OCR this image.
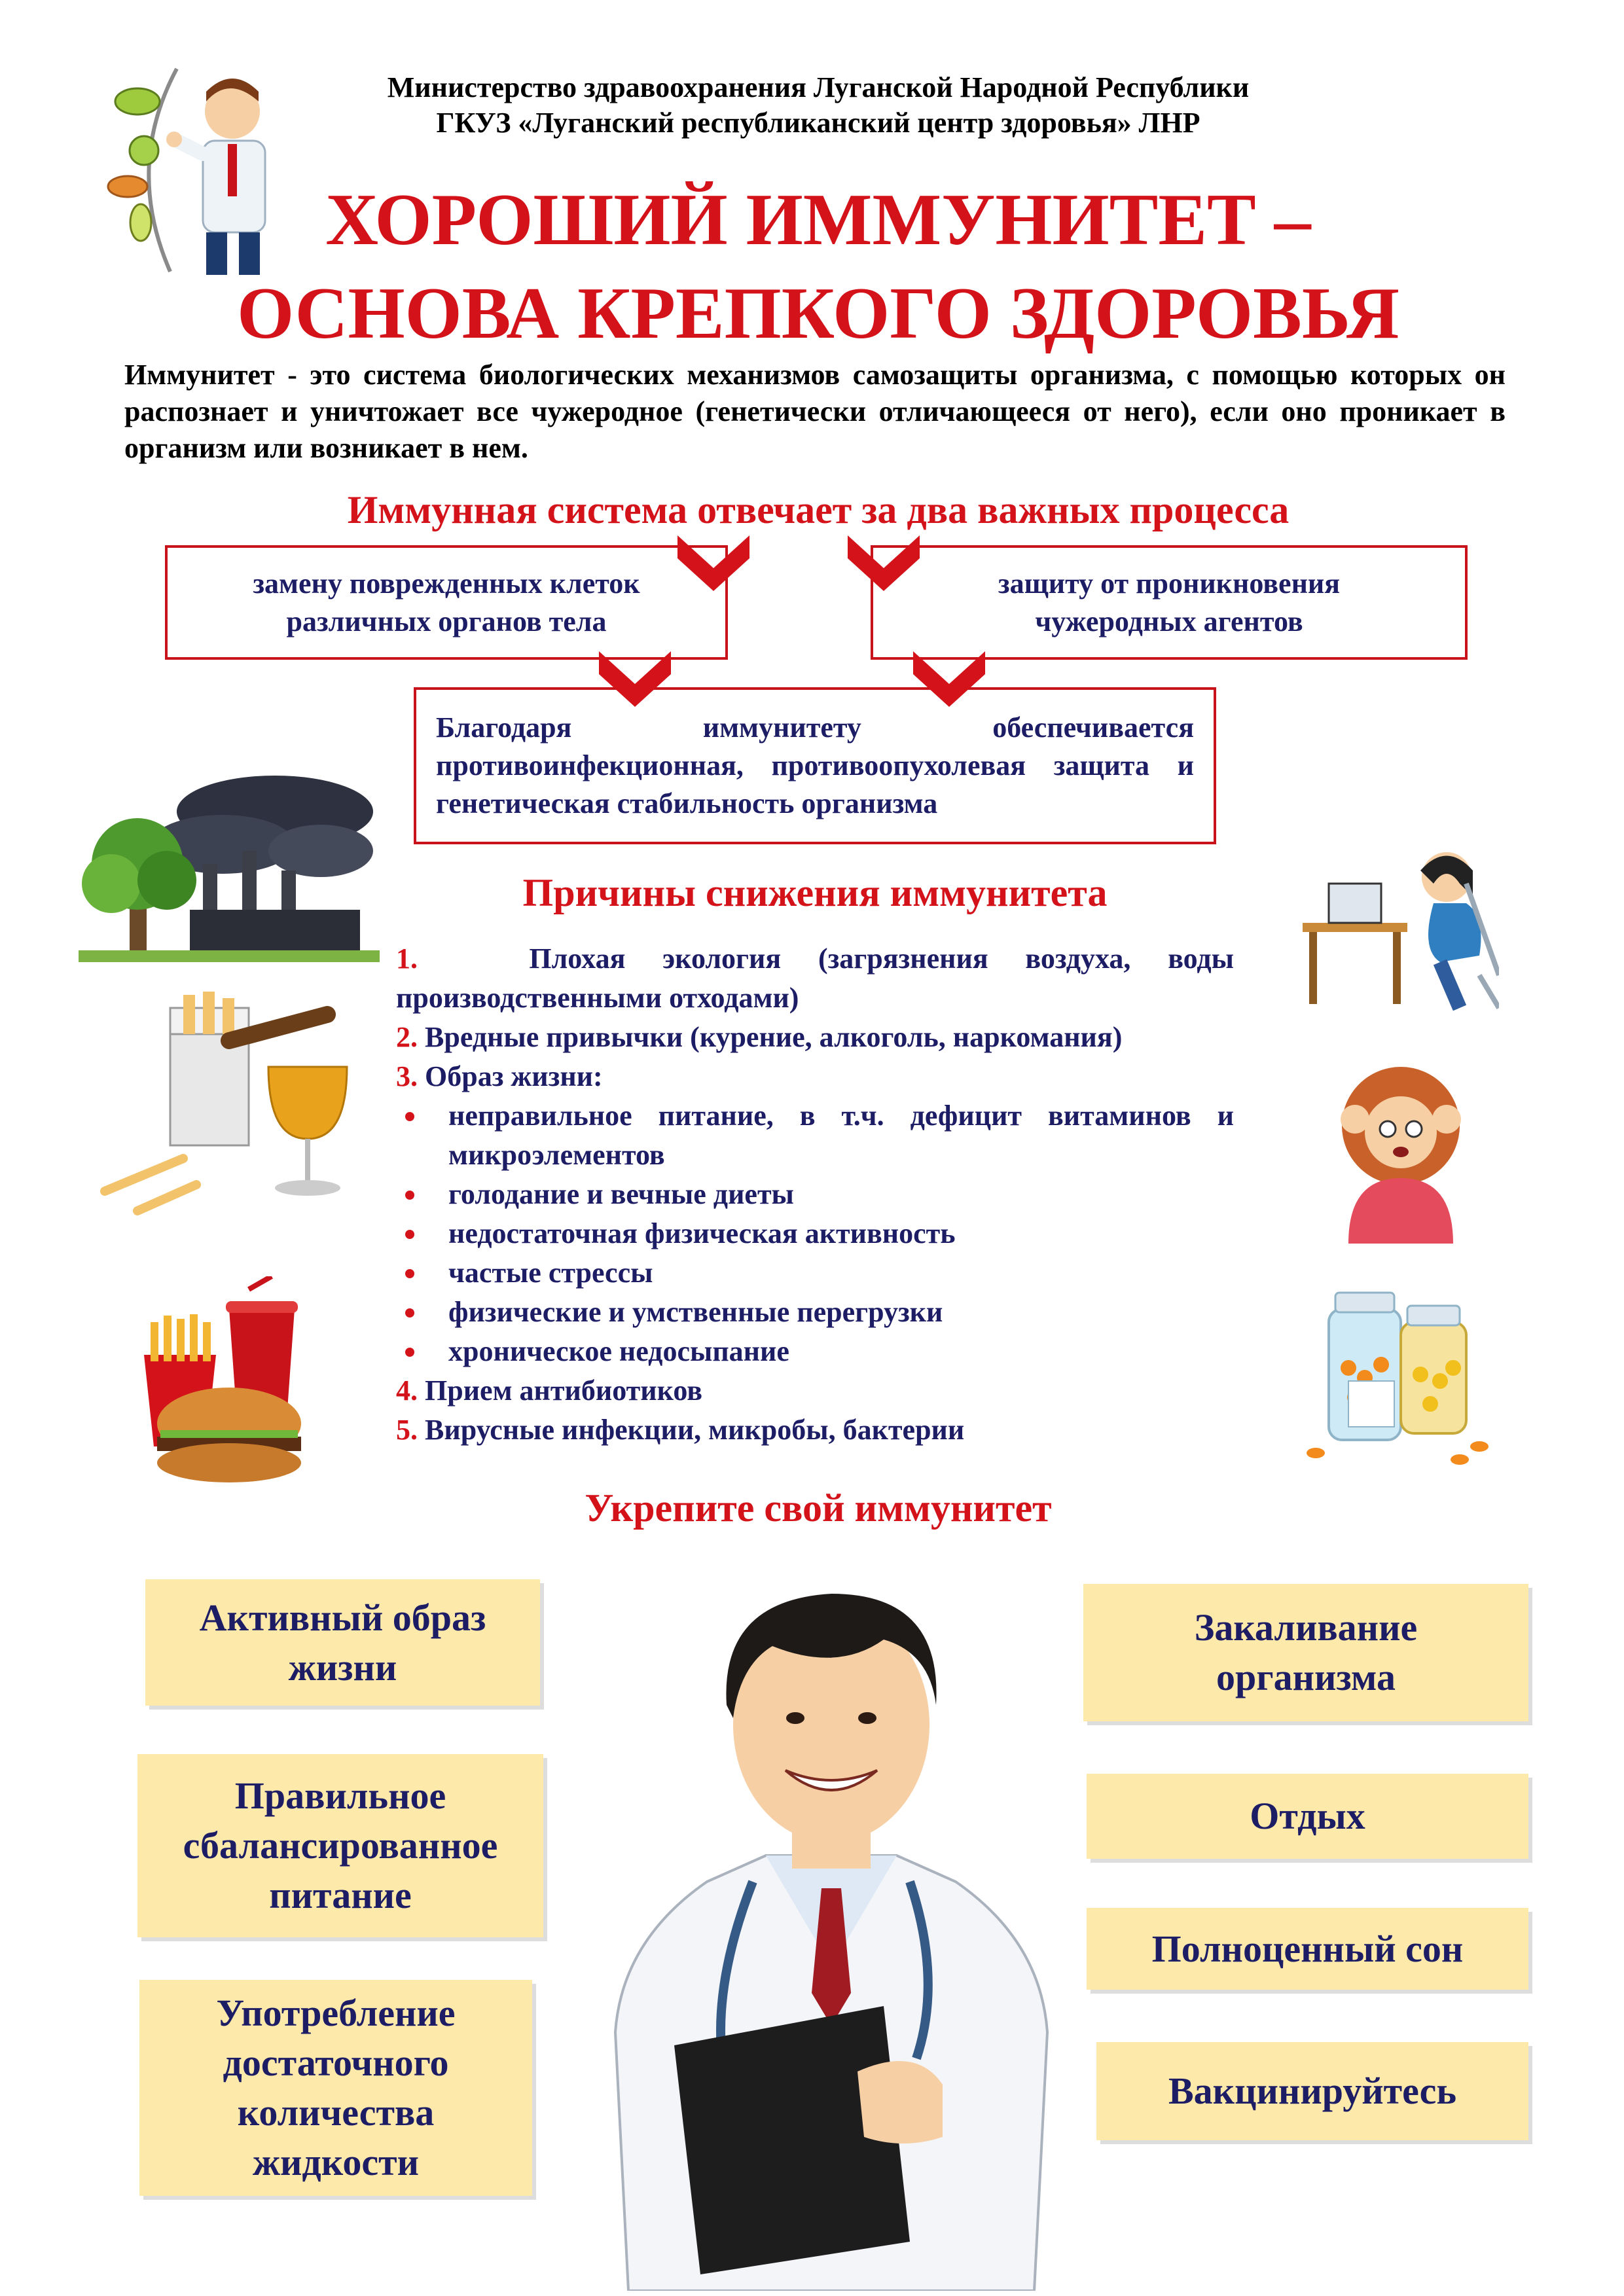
Министерство здравоохранения Луганской Народной Республики
ГКУЗ «Луганский республиканский центр здоровья» ЛНР
ХОРОШИЙ ИММУНИТЕТ –
ОСНОВА КРЕПКОГО ЗДОРОВЬЯ
Иммунитет - это система биологических механизмов самозащиты организма, с помощью которых он распознает и уничтожает все чужеродное (генетически отличающееся от него), если оно проникает в организм или возникает в нем.
Иммунная система отвечает за два важных процесса
замену поврежденных клеток
различных органов тела
защиту от проникновения
чужеродных агентов
Благодаря иммунитету обеспечивается противоинфекционная, противоопухолевая защита и генетическая стабильность организма
Причины снижения иммунитета

1.	Плохая экология (загрязнения воздуха, воды производственными отходами)

2. Вредные привычки (курение, алкоголь, наркомания)

3. Образ жизни:

неправильное питание, в т.ч. дефицит витаминов и микроэлементов
голодание и вечные диеты
недостаточная физическая активность
частые стрессы
физические и умственные перегрузки
хроническое недосыпание

4. Прием антибиотиков

5. Вирусные инфекции, микробы, бактерии

Укрепите свой иммунитет
Активный образ жизни
Правильное сбалансированное питание
Употребление достаточного количества жидкости
Закаливание организма
Отдых
Полноценный сон
Вакцинируйтесь
